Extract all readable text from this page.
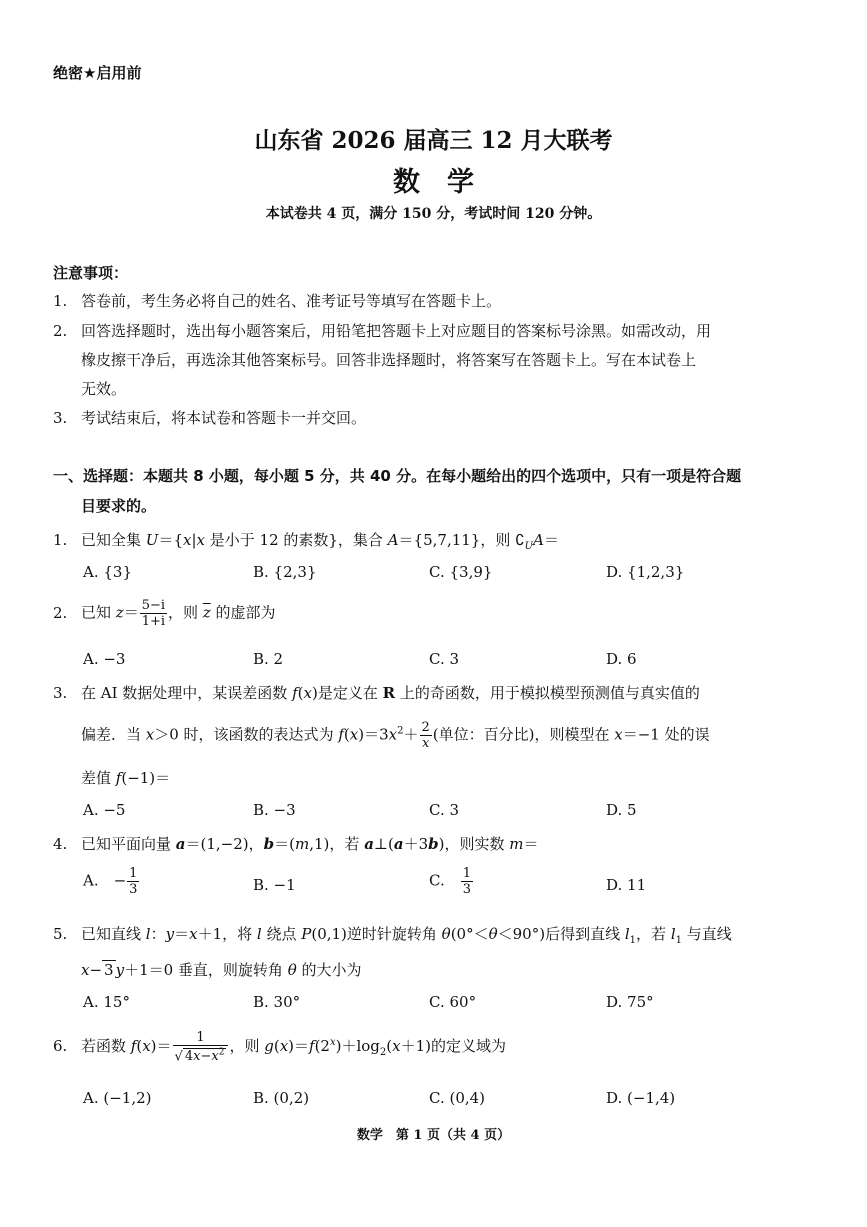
绝密★启用前
山东省 2026 届高三 12 月大联考
数　学
本试卷共 4 页，满分 150 分，考试时间 120 分钟。
注意事项：
1. 答卷前，考生务必将自己的姓名、准考证号等填写在答题卡上。
2. 回答选择题时，选出每小题答案后，用铅笔把答题卡上对应题目的答案标号涂黑。如需改动，用
橡皮擦干净后，再选涂其他答案标号。回答非选择题时，将答案写在答题卡上。写在本试卷上
无效。
3. 考试结束后，将本试卷和答题卡一并交回。
一、选择题：本题共 8 小题，每小题 5 分，共 40 分。在每小题给出的四个选项中，只有一项是符合题
目要求的。
1. 已知全集 U＝{x|x 是小于 12 的素数}，集合 A＝{5,7,11}，则 $∁_UA=$
A. {3}	B. {2,3}	C. {3,9}	D. {1,2,3}
2. 已知 $z= \frac{5-i}{1+i}$ ，则 $\overline{z}$ 的虚部为
A. −3	B. 2	C. 3	D. 6
3. 在 AI 数据处理中，某误差函数 f(x)是定义在 R 上的奇函数，用于模拟模型预测值与真实值的
偏差．当 x＞0 时，该函数的表达式为 $f(x)=3x^2+ \frac{2}{x}$ (单位：百分比)，则模型在 x＝−1 处的误
差值 f(−1)＝
A. −5	B. −3	C. 3	D. 5
4. 已知平面向量 a＝(1,−2)，b＝(m,1)，若 a⊥(a＋3b)，则实数 m＝
A.　− $\frac{1}{3}$	B. −1	C.　 $\frac{1}{3}$	D. 11
5. 已知直线 l：y＝x＋1，将 l 绕点 P(0,1)逆时针旋转角 θ(0°＜θ＜90°)后得到直线 $l_1$，若 $l_1$ 与直线
x− 3 y＋1＝0 垂直，则旋转角 θ 的大小为
A. 15°	B. 30°	C. 60°	D. 75°
6. 若函数 $f(x)= \frac{1}{√ 4x-x^2}$ ，则 $g(x)=f(2^x)+\log_2(x+1)$的定义域为
A. (−1,2)	B. (0,2)	C. (0,4)	D. (−1,4)
数学　第 1 页（共 4 页）
